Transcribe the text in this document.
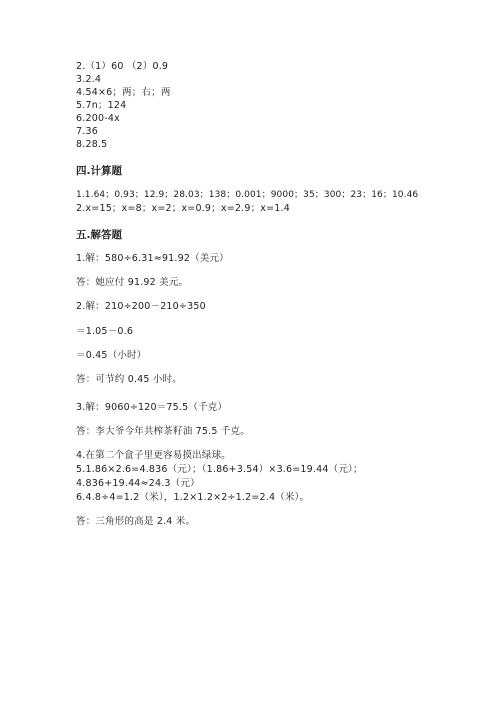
2.（1）60 （2）0.9
3.2.4
4.54×6；两；右；两
5.7n；124
6.200-4x
7.36
8.28.5
四.计算题
1.1.64；0.93；12.9；28.03；138；0.001；9000；35；300；23；16；10.46
2.x=15；x=8；x=2；x=0.9；x=2.9；x=1.4
五.解答题
1.解：580÷6.31≈91.92（美元）
答：她应付 91.92 美元。
2.解：210÷200－210÷350
＝1.05－0.6
＝0.45（小时）
答：可节约 0.45 小时。
3.解：9060÷120＝75.5（千克）
答：李大爷今年共榨茶籽油 75.5 千克。
4.在第二个盒子里更容易摸出绿球。
5.1.86×2.6=4.836（元）；（1.86+3.54）×3.6=19.44（元）；
4.836+19.44≈24.3（元）
6.4.8÷4=1.2（米），1.2×1.2×2÷1.2=2.4（米）。
答：三角形的高是 2.4 米。
